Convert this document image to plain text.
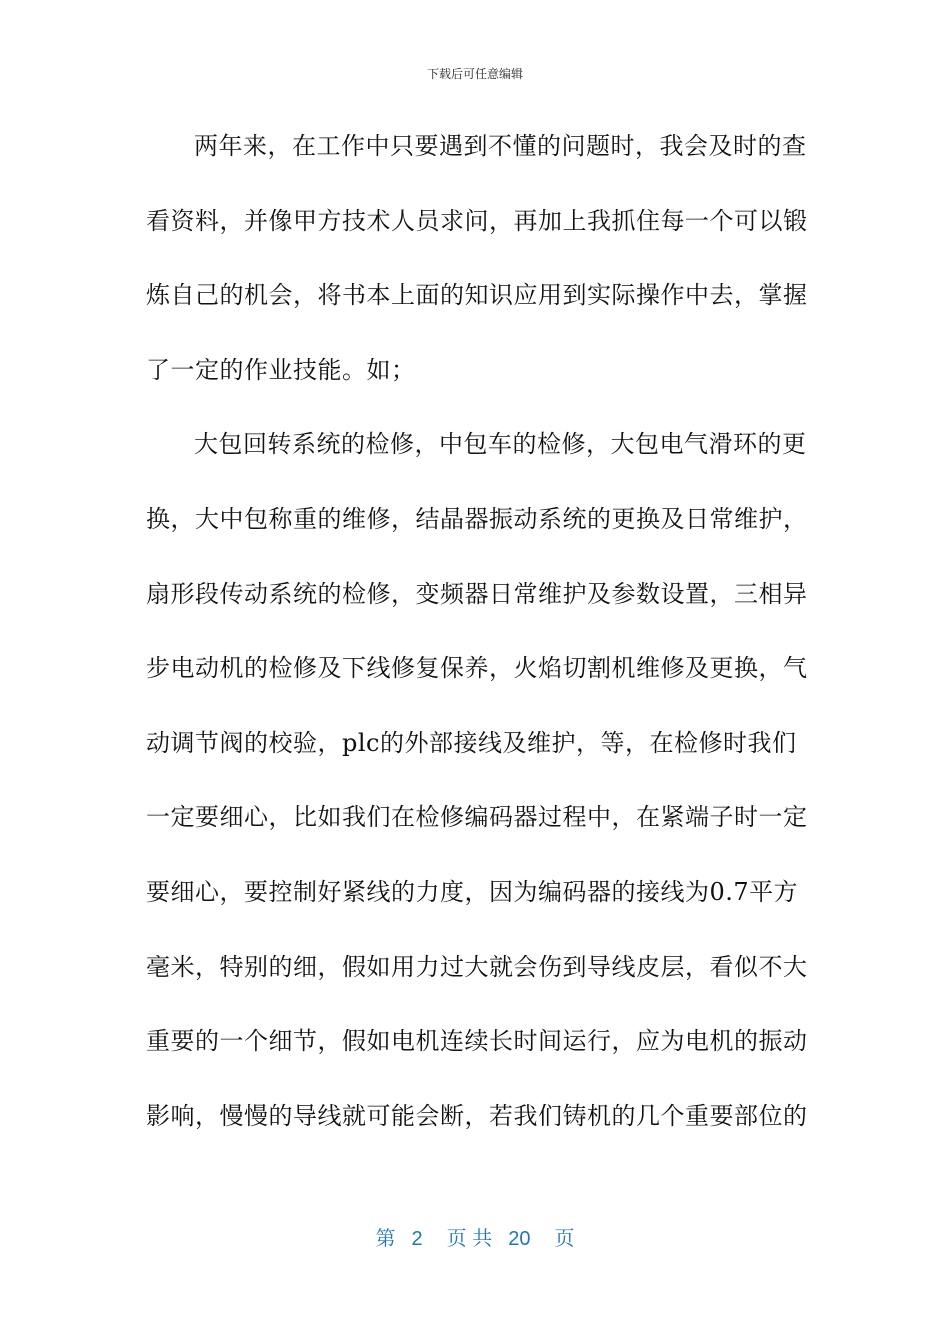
下载后可任意编辑
两年来，在工作中只要遇到不懂的问题时，我会及时的查
看资料，并像甲方技术人员求问，再加上我抓住每一个可以锻
炼自己的机会，将书本上面的知识应用到实际操作中去，掌握
了一定的作业技能。如；
大包回转系统的检修，中包车的检修，大包电气滑环的更
换，大中包称重的维修，结晶器振动系统的更换及日常维护，
扇形段传动系统的检修，变频器日常维护及参数设置，三相异
步电动机的检修及下线修复保养，火焰切割机维修及更换，气
动调节阀的校验，plc的外部接线及维护，等，在检修时我们
一定要细心，比如我们在检修编码器过程中，在紧端子时一定
要细心，要控制好紧线的力度，因为编码器的接线为0.7平方
毫米，特别的细，假如用力过大就会伤到导线皮层，看似不大
重要的一个细节，假如电机连续长时间运行，应为电机的振动
影响，慢慢的导线就可能会断，若我们铸机的几个重要部位的
第 2 页 共 20 页
